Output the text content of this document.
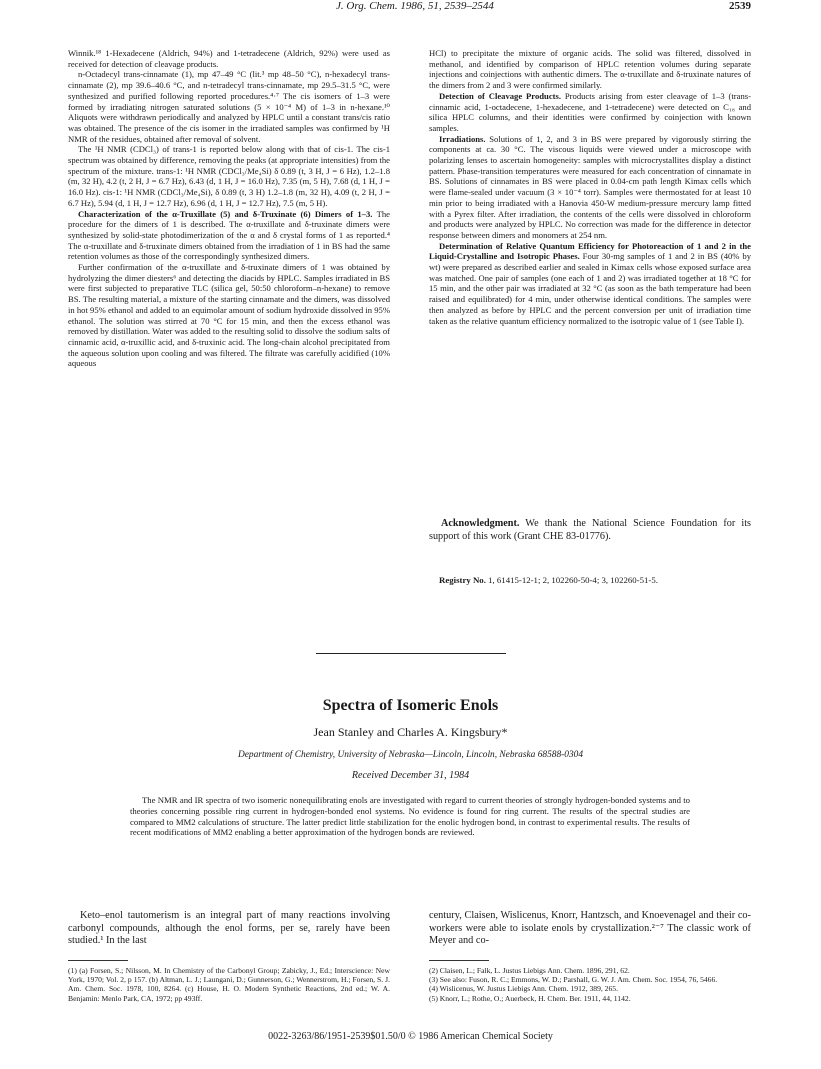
J. Org. Chem. 1986, 51, 2539–2544	2539

Winnik.¹⁸ 1-Hexadecene (Aldrich, 94%) and 1-tetradecene (Aldrich, 92%) were used as received for detection of cleavage products.

n-Octadecyl trans-cinnamate (1), mp 47–49 °C (lit.³ mp 48–50 °C), n-hexadecyl trans-cinnamate (2), mp 39.6–40.6 °C, and n-tetradecyl trans-cinnamate, mp 29.5–31.5 °C, were synthesized and purified following reported procedures.⁴·⁷ The cis isomers of 1–3 were formed by irradiating nitrogen saturated solutions (5 × 10⁻⁴ M) of 1–3 in n-hexane.¹⁰ Aliquots were withdrawn periodically and analyzed by HPLC until a constant trans/cis ratio was obtained. The presence of the cis isomer in the irradiated samples was confirmed by ¹H NMR of the residues, obtained after removal of solvent.

The ¹H NMR (CDCl₃) of trans-1 is reported below along with that of cis-1. The cis-1 spectrum was obtained by difference, removing the peaks (at appropriate intensities) from the spectrum of the mixture. trans-1: ¹H NMR (CDCl₃/Me₄Si) δ 0.89 (t, 3 H, J = 6 Hz), 1.2–1.8 (m, 32 H), 4.2 (t, 2 H, J = 6.7 Hz), 6.43 (d, 1 H, J = 16.0 Hz), 7.35 (m, 5 H), 7.68 (d, 1 H, J = 16.0 Hz). cis-1: ¹H NMR (CDCl₃/Me₄Si), δ 0.89 (t, 3 H) 1.2–1.8 (m, 32 H), 4.09 (t, 2 H, J = 6.7 Hz), 5.94 (d, 1 H, J = 12.7 Hz), 6.96 (d, 1 H, J = 12.7 Hz), 7.5 (m, 5 H).

Characterization of the α-Truxillate (5) and δ-Truxinate (6) Dimers of 1–3. The procedure for the dimers of 1 is described. The α-truxillate and δ-truxinate dimers were synthesized by solid-state photodimerization of the α and δ crystal forms of 1 as reported.⁴ The α-truxillate and δ-truxinate dimers obtained from the irradiation of 1 in BS had the same retention volumes as those of the correspondingly synthesized dimers.

Further confirmation of the α-truxillate and δ-truxinate dimers of 1 was obtained by hydrolyzing the dimer diesters⁶ and detecting the diacids by HPLC. Samples irradiated in BS were first subjected to preparative TLC (silica gel, 50:50 chloroform–n-hexane) to remove BS. The resulting material, a mixture of the starting cinnamate and the dimers, was dissolved in hot 95% ethanol and added to an equimolar amount of sodium hydroxide dissolved in 95% ethanol. The solution was stirred at 70 °C for 15 min, and then the excess ethanol was removed by distillation. Water was added to the resulting solid to dissolve the sodium salts of cinnamic acid, α-truxillic acid, and δ-truxinic acid. The long-chain alcohol precipitated from the aqueous solution upon cooling and was filtered. The filtrate was carefully acidified (10% aqueous

HCl) to precipitate the mixture of organic acids. The solid was filtered, dissolved in methanol, and identified by comparison of HPLC retention volumes during separate injections and coinjections with authentic dimers. The α-truxillate and δ-truxinate natures of the dimers from 2 and 3 were confirmed similarly.

Detection of Cleavage Products. Products arising from ester cleavage of 1–3 (trans-cinnamic acid, 1-octadecene, 1-hexadecene, and 1-tetradecene) were detected on C₁₈ and silica HPLC columns, and their identities were confirmed by coinjection with known samples.

Irradiations. Solutions of 1, 2, and 3 in BS were prepared by vigorously stirring the components at ca. 30 °C. The viscous liquids were viewed under a microscope with polarizing lenses to ascertain homogeneity: samples with microcrystallites display a distinct pattern. Phase-transition temperatures were measured for each concentration of cinnamate in BS. Solutions of cinnamates in BS were placed in 0.04-cm path length Kimax cells which were flame-sealed under vacuum (3 × 10⁻⁴ torr). Samples were thermostated for at least 10 min prior to being irradiated with a Hanovia 450-W medium-pressure mercury lamp fitted with a Pyrex filter. After irradiation, the contents of the cells were dissolved in chloroform and products were analyzed by HPLC. No correction was made for the difference in detector response between dimers and monomers at 254 nm.

Determination of Relative Quantum Efficiency for Photoreaction of 1 and 2 in the Liquid-Crystalline and Isotropic Phases. Four 30-mg samples of 1 and 2 in BS (40% by wt) were prepared as described earlier and sealed in Kimax cells whose exposed surface area was matched. One pair of samples (one each of 1 and 2) was irradiated together at 18 °C for 15 min, and the other pair was irradiated at 32 °C (as soon as the bath temperature had been raised and equilibrated) for 4 min, under otherwise identical conditions. The samples were then analyzed as before by HPLC and the percent conversion per unit of irradiation time taken as the relative quantum efficiency normalized to the isotropic value of 1 (see Table I).

Acknowledgment. We thank the National Science Foundation for its support of this work (Grant CHE 83-01776).

Registry No. 1, 61415-12-1; 2, 102260-50-4; 3, 102260-51-5.
Spectra of Isomeric Enols
Jean Stanley and Charles A. Kingsbury*
Department of Chemistry, University of Nebraska—Lincoln, Lincoln, Nebraska 68588-0304
Received December 31, 1984

The NMR and IR spectra of two isomeric nonequilibrating enols are investigated with regard to current theories of strongly hydrogen-bonded systems and to theories concerning possible ring current in hydrogen-bonded enol systems. No evidence is found for ring current. The results of the spectral studies are compared to MM2 calculations of structure. The latter predict little stabilization for the enolic hydrogen bond, in contrast to experimental results. The results of recent modifications of MM2 enabling a better approximation of the hydrogen bonds are reviewed.

Keto–enol tautomerism is an integral part of many reactions involving carbonyl compounds, although the enol forms, per se, rarely have been studied.¹ In the last

century, Claisen, Wislicenus, Knorr, Hantzsch, and Knoevenagel and their co-workers were able to isolate enols by crystallization.²⁻⁷ The classic work of Meyer and co-

(1) (a) Forsen, S.; Nilsson, M. In Chemistry of the Carbonyl Group; Zabicky, J., Ed.; Interscience: New York, 1970; Vol. 2, p 157. (b) Altman, L. J.; Laungani, D.; Gunnerson, G.; Wennerstrom, H.; Forsen, S. J. Am. Chem. Soc. 1978, 100, 8264. (c) House, H. O. Modern Synthetic Reactions, 2nd ed.; W. A. Benjamin: Menlo Park, CA, 1972; pp 493ff.

(2) Claisen, L.; Falk, L. Justus Liebigs Ann. Chem. 1896, 291, 62.

(3) See also: Fuson, R. C.; Emmons, W. D.; Parshall, G. W. J. Am. Chem. Soc. 1954, 76, 5466.

(4) Wislicenus, W. Justus Liebigs Ann. Chem. 1912, 389, 265.

(5) Knorr, L.; Rothe, O.; Auerbeck, H. Chem. Ber. 1911, 44, 1142.

0022-3263/86/1951-2539$01.50/0 © 1986 American Chemical Society
